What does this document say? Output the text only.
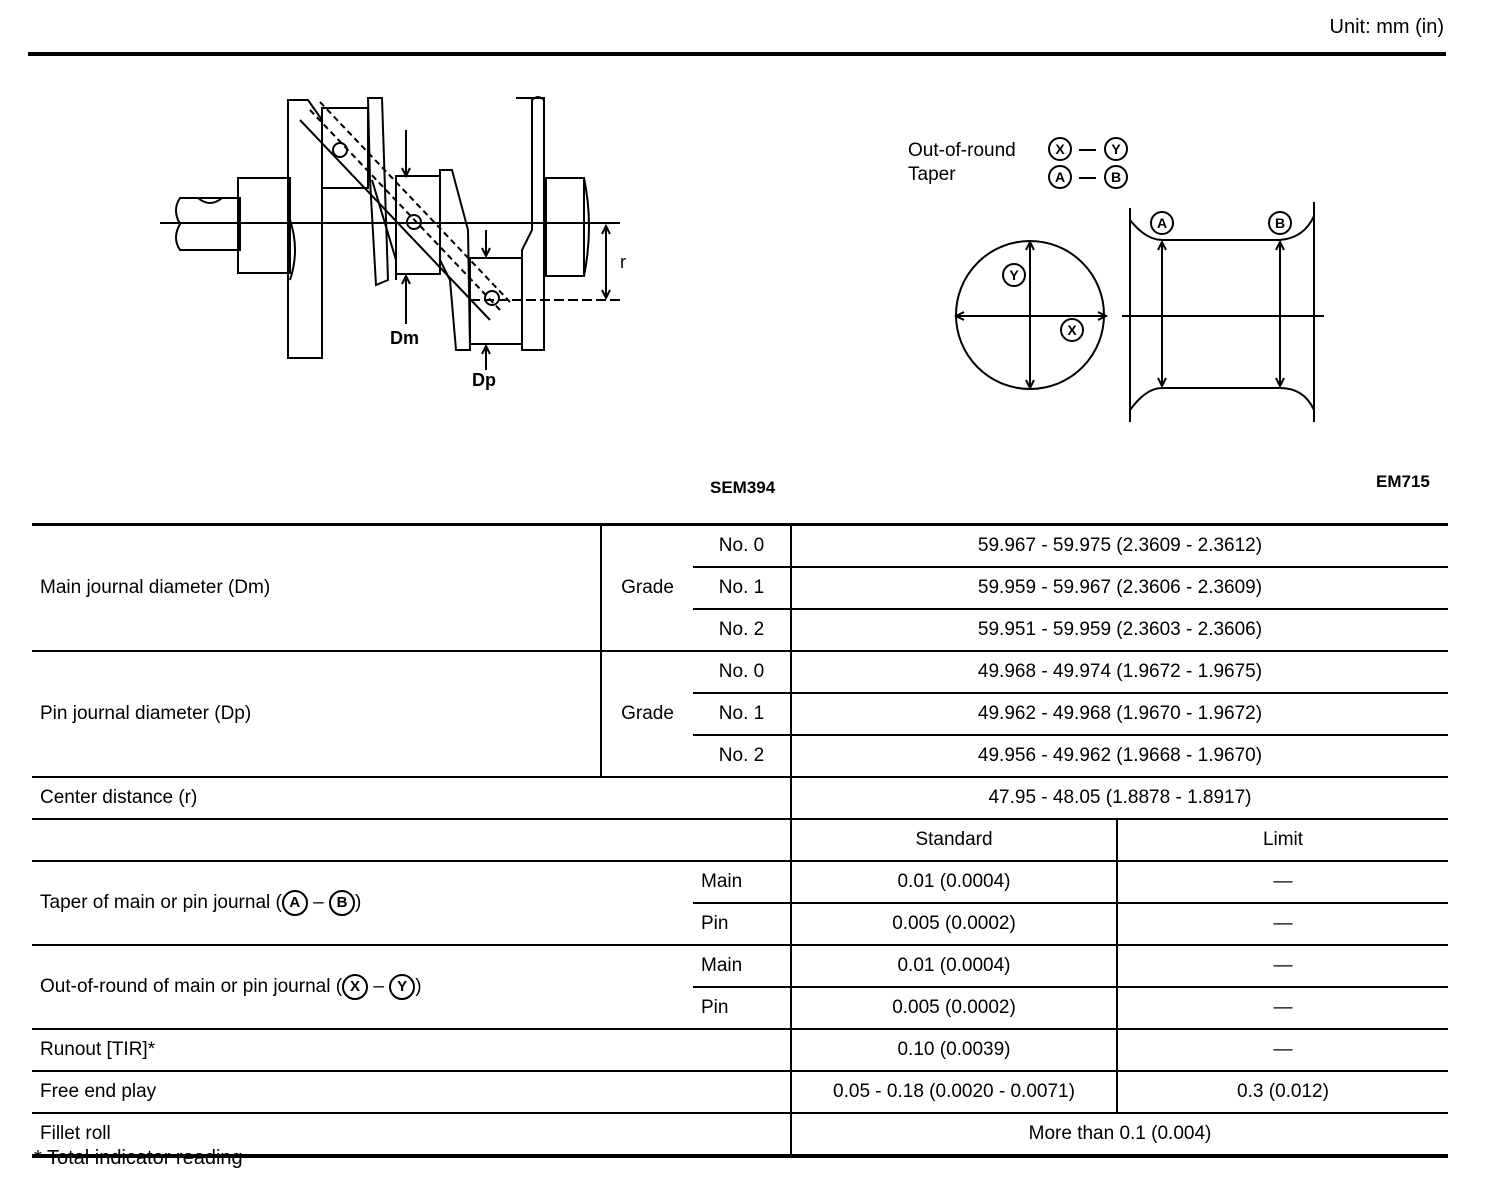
Unit: mm (in)
Dm
Dp
r
SEM394
Out-of-round
Taper
X	Y
A	B
Y
X
A	B
EM715
Main journal diameter (Dm)	Grade	No. 0	59.967 - 59.975 (2.3609 - 2.3612)	
		No. 1	59.959 - 59.967 (2.3606 - 2.3609)	
		No. 2	59.951 - 59.959 (2.3603 - 2.3606)	
Pin journal diameter (Dp)	Grade	No. 0	49.968 - 49.974 (1.9672 - 1.9675)	
		No. 1	49.962 - 49.968 (1.9670 - 1.9672)	
		No. 2	49.956 - 49.962 (1.9668 - 1.9670)	
Center distance (r)			47.95 - 48.05 (1.8878 - 1.8917)	
			Standard	Limit
Taper of main or pin journal ( A – B )		Main	0.01 (0.0004)	—
		Pin	0.005 (0.0002)	—
Out-of-round of main or pin journal ( X – Y )		Main	0.01 (0.0004)	—
		Pin	0.005 (0.0002)	—
Runout [TIR]*			0.10 (0.0039)	—
Free end play			0.05 - 0.18 (0.0020 - 0.0071)	0.3 (0.012)
Fillet roll			More than 0.1 (0.004)	
* Total indicator reading
